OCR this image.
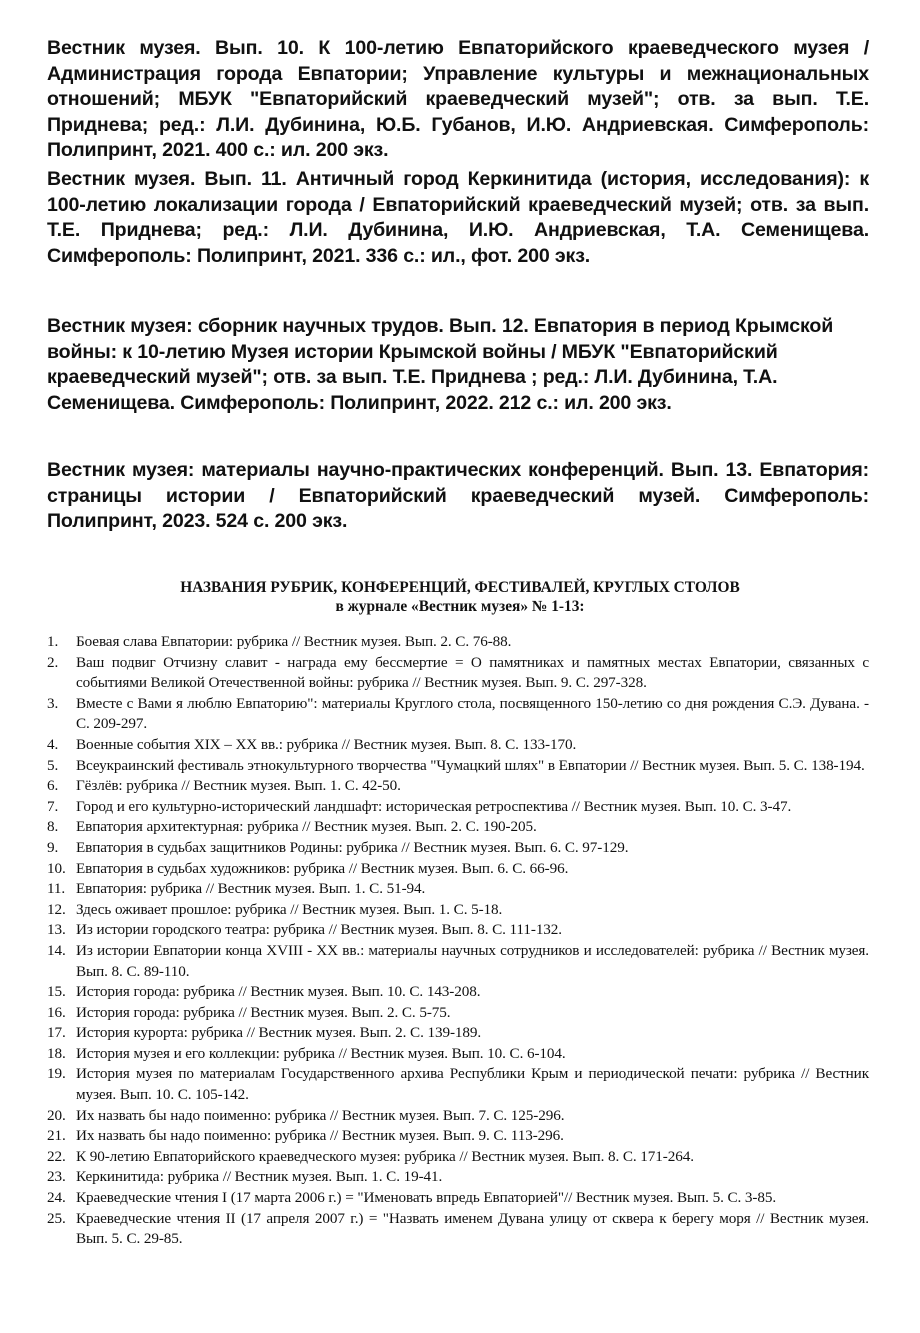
Вестник музея. Вып. 10. К 100-летию Евпаторийского краеведческого музея / Администрация города Евпатории; Управление культуры и межнациональных отношений; МБУК "Евпаторийский краеведческий музей"; отв. за вып. Т.Е. Приднева; ред.: Л.И. Дубинина, Ю.Б. Губанов, И.Ю. Андриевская. Симферополь: Полипринт, 2021. 400 с.: ил. 200 экз.

Вестник музея. Вып. 11. Античный город Керкинитида (история, исследования): к 100-летию локализации города / Евпаторийский краеведческий музей; отв. за вып. Т.Е. Приднева; ред.: Л.И. Дубинина, И.Ю. Андриевская, Т.А. Семенищева. Симферополь: Полипринт, 2021. 336 с.: ил., фот. 200 экз.

Вестник музея: сборник научных трудов. Вып. 12. Евпатория в период Крымской войны: к 10-летию Музея истории Крымской войны / МБУК "Евпаторийский краеведческий музей"; отв. за вып. Т.Е. Приднева ; ред.: Л.И. Дубинина, Т.А. Семенищева. Симферополь: Полипринт, 2022. 212 с.: ил. 200 экз.

Вестник музея: материалы научно-практических конференций. Вып. 13. Евпатория: страницы истории / Евпаторийский краеведческий музей. Симферополь: Полипринт, 2023. 524 с. 200 экз.

НАЗВАНИЯ РУБРИК, КОНФЕРЕНЦИЙ, ФЕСТИВАЛЕЙ, КРУГЛЫХ СТОЛОВ
в журнале «Вестник музея» № 1-13:
1. Боевая слава Евпатории: рубрика // Вестник музея. Вып. 2. С. 76-88.
2. Ваш подвиг Отчизну славит - награда ему бессмертие = О памятниках и памятных местах Евпатории, связанных с событиями Великой Отечественной войны: рубрика // Вестник музея. Вып. 9. С. 297-328.
3. Вместе с Вами я люблю Евпаторию": материалы Круглого стола, посвященного 150-летию со дня рождения С.Э. Дувана. - С. 209-297.
4. Военные события XIX – XX вв.: рубрика // Вестник музея. Вып. 8. С. 133-170.
5. Всеукраинский фестиваль этнокультурного творчества "Чумацкий шлях" в Евпатории // Вестник музея. Вып. 5. С. 138-194.
6. Гёзлёв: рубрика // Вестник музея. Вып. 1. С. 42-50.
7. Город и его культурно-исторический ландшафт: историческая ретроспектива // Вестник музея. Вып. 10. С. 3-47.
8. Евпатория архитектурная: рубрика // Вестник музея. Вып. 2. С. 190-205.
9. Евпатория в судьбах защитников Родины: рубрика // Вестник музея. Вып. 6. С. 97-129.
10. Евпатория в судьбах художников: рубрика // Вестник музея. Вып. 6. С. 66-96.
11. Евпатория: рубрика // Вестник музея. Вып. 1. С. 51-94.
12. Здесь оживает прошлое: рубрика // Вестник музея. Вып. 1. С. 5-18.
13. Из истории городского театра: рубрика // Вестник музея. Вып. 8. С. 111-132.
14. Из истории Евпатории конца XVIII - XX вв.: материалы научных сотрудников и исследователей: рубрика // Вестник музея. Вып. 8. С. 89-110.
15. История города: рубрика // Вестник музея. Вып. 10. С. 143-208.
16. История города: рубрика // Вестник музея. Вып. 2. С. 5-75.
17. История курорта: рубрика // Вестник музея. Вып. 2. С. 139-189.
18. История музея и его коллекции: рубрика // Вестник музея. Вып. 10. С. 6-104.
19. История музея по материалам Государственного архива Республики Крым и периодической печати: рубрика // Вестник музея. Вып. 10. С. 105-142.
20. Их назвать бы надо поименно: рубрика // Вестник музея. Вып. 7. С. 125-296.
21. Их назвать бы надо поименно: рубрика // Вестник музея. Вып. 9. С. 113-296.
22. К 90-летию Евпаторийского краеведческого музея: рубрика // Вестник музея. Вып. 8. С. 171-264.
23. Керкинитида: рубрика // Вестник музея. Вып. 1. С. 19-41.
24. Краеведческие чтения I (17 марта 2006 г.) = "Именовать впредь Евпаторией"// Вестник музея. Вып. 5. С. 3-85.
25. Краеведческие чтения II (17 апреля 2007 г.) = "Назвать именем Дувана улицу от сквера к берегу моря // Вестник музея. Вып. 5. С. 29-85.
